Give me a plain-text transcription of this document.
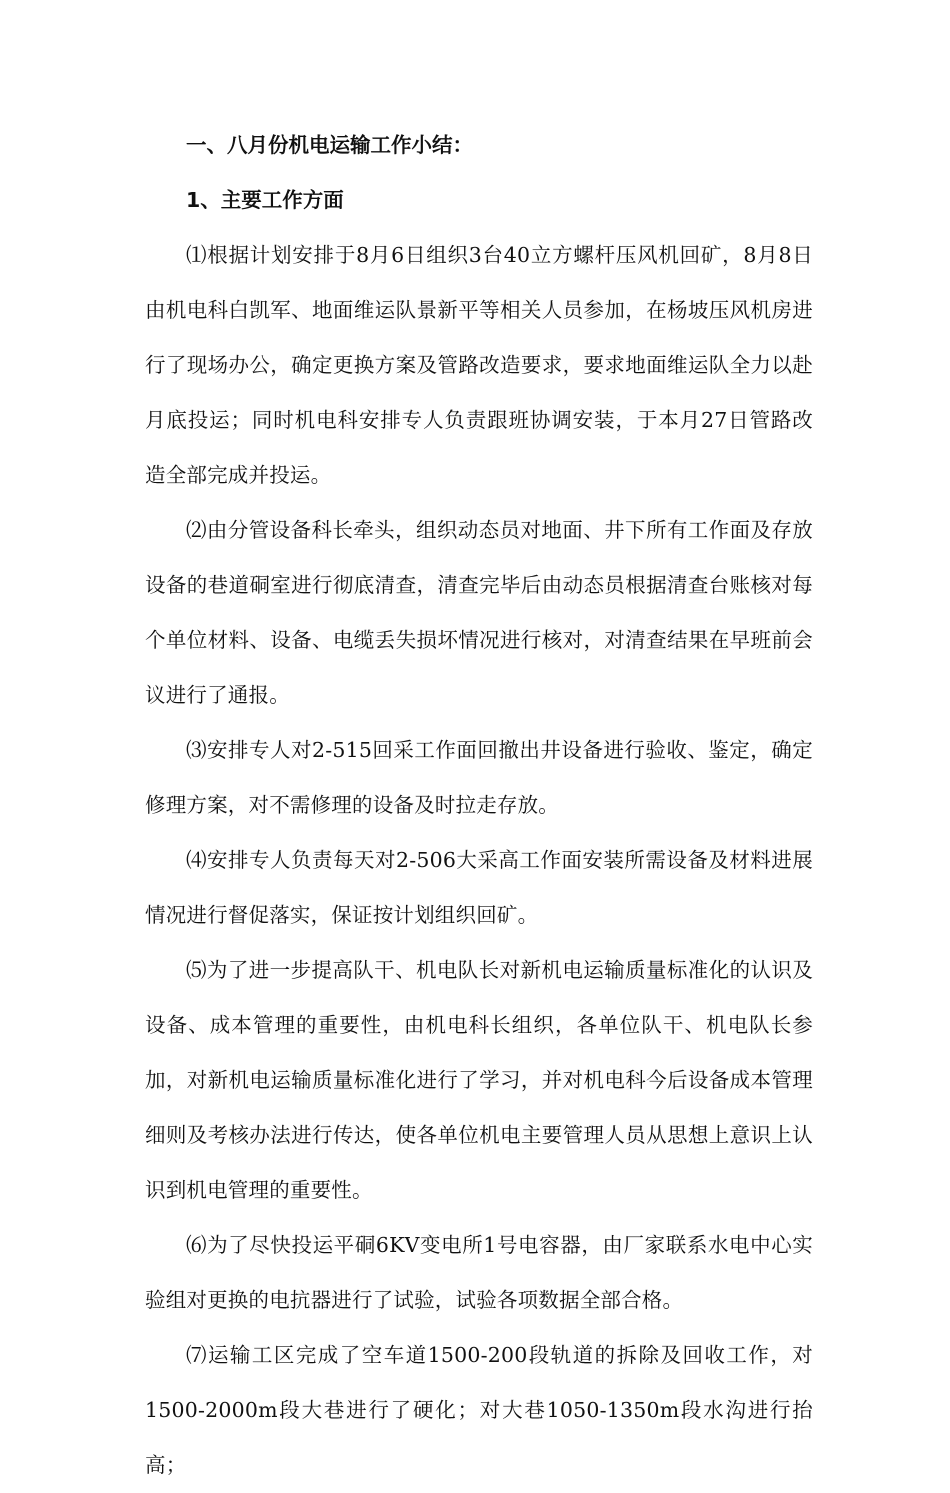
一、八月份机电运输工作小结：

1、主要工作方面

⑴根据计划安排于8月6日组织3台40立方螺杆压风机回矿，8月8日由机电科白凯军、地面维运队景新平等相关人员参加，在杨坡压风机房进行了现场办公，确定更换方案及管路改造要求，要求地面维运队全力以赴月底投运；同时机电科安排专人负责跟班协调安装，于本月27日管路改造全部完成并投运。

⑵由分管设备科长牵头，组织动态员对地面、井下所有工作面及存放设备的巷道硐室进行彻底清查，清查完毕后由动态员根据清查台账核对每个单位材料、设备、电缆丢失损坏情况进行核对，对清查结果在早班前会议进行了通报。

⑶安排专人对2-515回采工作面回撤出井设备进行验收、鉴定，确定修理方案，对不需修理的设备及时拉走存放。

⑷安排专人负责每天对2-506大采高工作面安装所需设备及材料进展情况进行督促落实，保证按计划组织回矿。

⑸为了进一步提高队干、机电队长对新机电运输质量标准化的认识及设备、成本管理的重要性，由机电科长组织，各单位队干、机电队长参加，对新机电运输质量标准化进行了学习，并对机电科今后设备成本管理细则及考核办法进行传达，使各单位机电主要管理人员从思想上意识上认识到机电管理的重要性。

⑹为了尽快投运平硐6KV变电所1号电容器，由厂家联系水电中心实验组对更换的电抗器进行了试验，试验各项数据全部合格。

⑺运输工区完成了空车道1500-200段轨道的拆除及回收工作，对1500-2000m段大巷进行了硬化；对大巷1050-1350m段水沟进行抬高；
